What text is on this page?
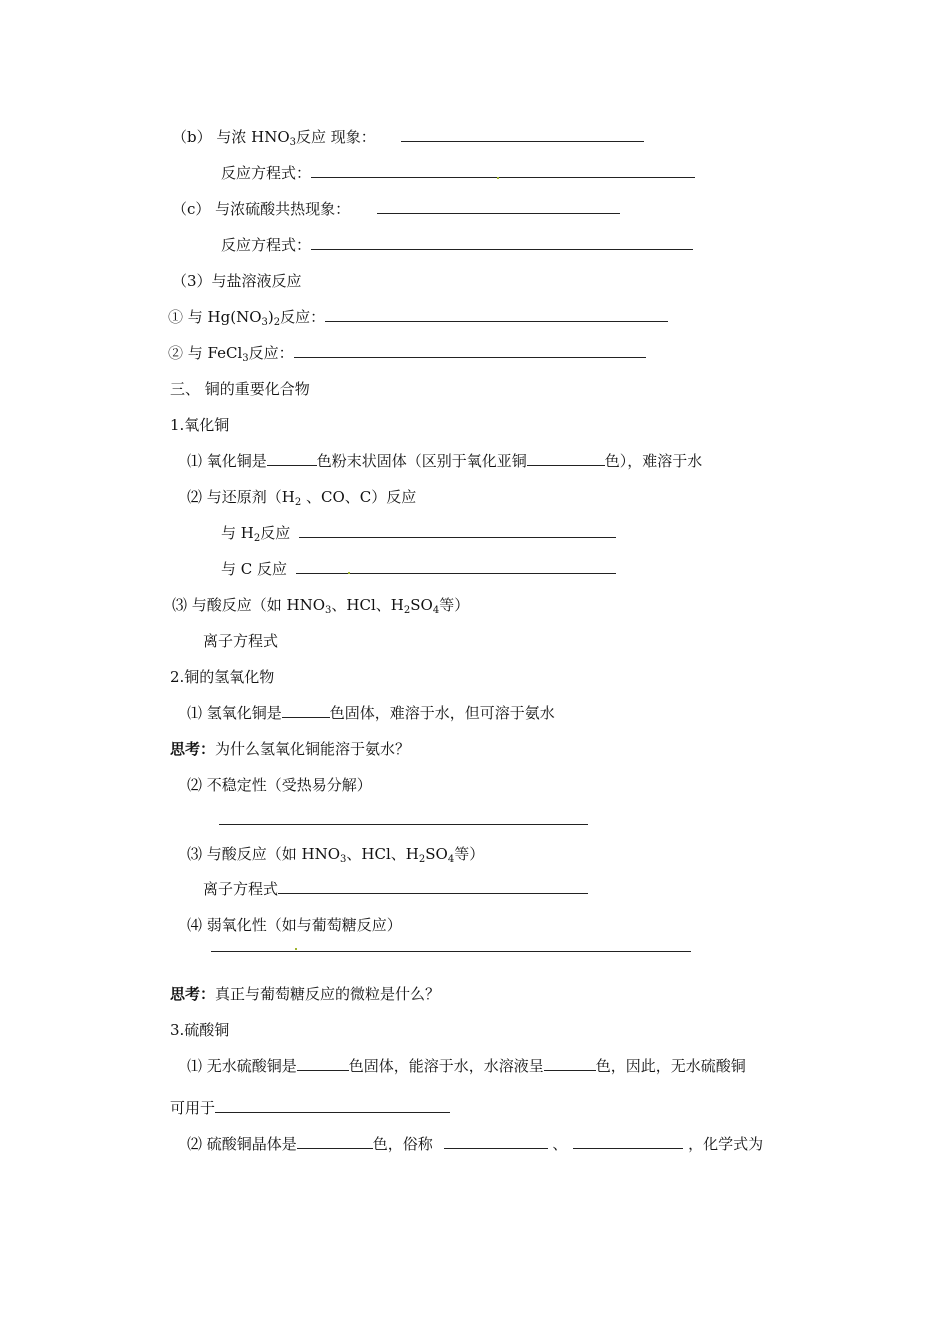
（b） 与浓 $HNO_3$反应 现象：
反应方程式：
（c） 与浓硫酸共热现象：
反应方程式：
（3）与盐溶液反应
① 与 $Hg(NO_3)_2$反应：
② 与 FeCl$_3$反应：
三、 铜的重要化合物
1.氧化铜
⑴ 氧化铜是	色粉末状固体（区别于氧化亚铜	色），难溶于水
⑵ 与还原剂（$H_2$ 、CO、C）反应
与 $H_2$反应
与 C 反应
⑶ 与酸反应（如 $HNO_3$、HCl、$H_2SO_4$等）
离子方程式
2.铜的氢氧化物
⑴ 氢氧化铜是	色固体，难溶于水，但可溶于氨水
思考：为什么氢氧化铜能溶于氨水？
⑵ 不稳定性（受热易分解）
⑶ 与酸反应（如 $HNO_3$、HCl、$H_2SO_4$等）
离子方程式
⑷ 弱氧化性（如与葡萄糖反应）
思考：真正与葡萄糖反应的微粒是什么？
3.硫酸铜
⑴ 无水硫酸铜是	色固体，能溶于水，水溶液呈	色，因此，无水硫酸铜
可用于
⑵ 硫酸铜晶体是	色，俗称	、	，化学式为
